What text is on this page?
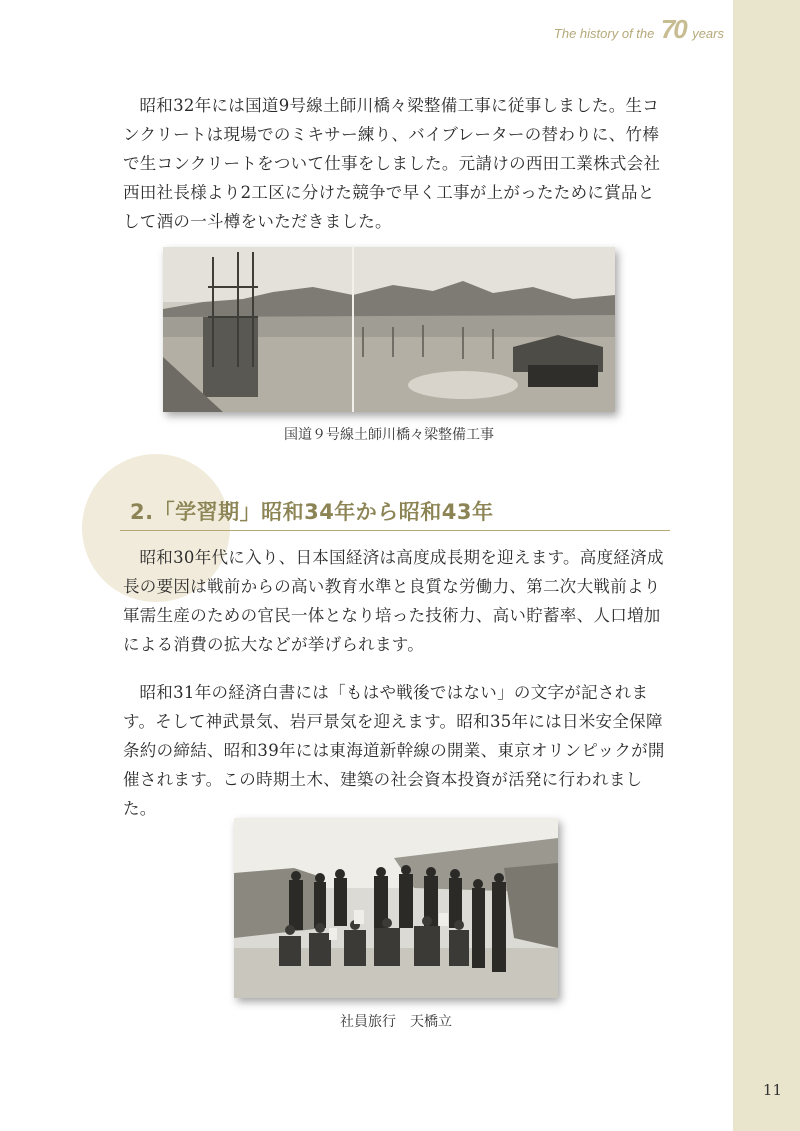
The history of the 70 years

昭和32年には国道9号線土師川橋々梁整備工事に従事しました。生コンクリートは現場でのミキサー練り、バイブレーターの替わりに、竹棒で生コンクリートをついて仕事をしました。元請けの西田工業株式会社　西田社長様より2工区に分けた競争で早く工事が上がったために賞品として酒の一斗樽をいただきました。

国道９号線土師川橋々梁整備工事
2.「学習期」昭和34年から昭和43年

昭和30年代に入り、日本国経済は高度成長期を迎えます。高度経済成長の要因は戦前からの高い教育水準と良質な労働力、第二次大戦前より軍需生産のための官民一体となり培った技術力、高い貯蓄率、人口増加による消費の拡大などが挙げられます。

昭和31年の経済白書には「もはや戦後ではない」の文字が記されます。そして神武景気、岩戸景気を迎えます。昭和35年には日米安全保障条約の締結、昭和39年には東海道新幹線の開業、東京オリンピックが開催されます。この時期土木、建築の社会資本投資が活発に行われました。

社員旅行　天橋立
11
